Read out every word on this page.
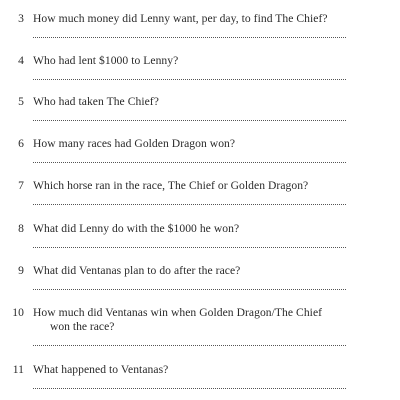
3 How much money did Lenny want, per day, to find The Chief?
4 Who had lent $1000 to Lenny?
5 Who had taken The Chief?
6 How many races had Golden Dragon won?
7 Which horse ran in the race, The Chief or Golden Dragon?
8 What did Lenny do with the $1000 he won?
9 What did Ventanas plan to do after the race?
10 How much did Ventanas win when Golden Dragon/The Chief
won the race?
11 What happened to Ventanas?
